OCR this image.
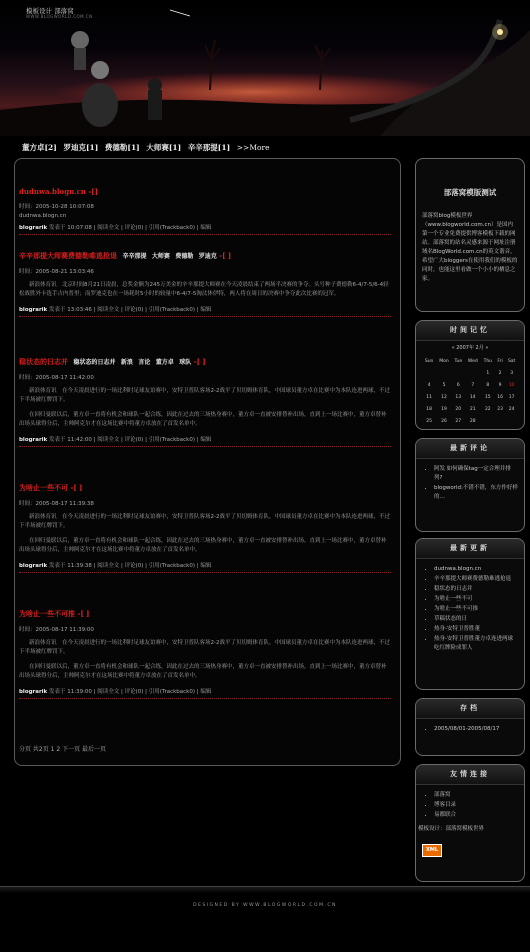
模板设计 部落窝
WWW.BLOGWORLD.COM.CN
董方卓[2] 罗迪克[1] 费德勒[1] 大师赛[1] 辛辛那提[1] >>More
dudnwa.blogn.cn -[]
时间：2005-10-28 10:07:08
dudnwa.blogn.cn
blograrik 发表于 10:07:08 | 阅读全文 | 评论(0) | 引用(Trackback0) | 编辑
辛辛那提大师赛费德勒难逃抢退 辛辛那提 大师赛 费德勒 罗迪克 -[ ]
时间：2005-08-21 13:03:46

新浪体育讯　北京时间8月21日凌晨，总奖金额为245万美金的辛辛那提大师赛在今天凌晨结束了两场半决赛的争夺。头号种子费德勒6-4/7-5/6-4轻松战胜外卡选手吉内普里；而罗迪克也在一场耗时5小时的较量中6-4/7-5淘汰休伊特，两人将在周日的决赛中争夺此次比赛的冠军。

blograrik 发表于 13:03:46 | 阅读全文 | 评论(0) | 引用(Trackback0) | 编辑
稳状态的日志并 稳状态的日志并 新浪 言论 董方卓 球队 -[ ]
时间：2005-08-17 11:42:00

新浪体育讯　在今天凌晨进行的一场比利时足球友谊赛中，安特卫普队客场2-2战平了贝切姆体育队，中国球员董方卓在比赛中为本队连进两球，不过下半场被红牌罚下。

在回归曼联以后，董方卓一直将有机会和球队一起合练，因此在过去的三场热身赛中，董方卓一直被安排替补出场，直到上一场比赛中，董方卓替补出场头球得分后，主帅阿克尔才在这场比赛中将董方卓放在了首发名单中。

blograrik 发表于 11:42:00 | 阅读全文 | 评论(0) | 引用(Trackback0) | 编辑
为啥止一些不可 -[ ]
时间：2005-08-17 11:39:38

新浪体育讯　在今天凌晨进行的一场比利时足球友谊赛中，安特卫普队客场2-2战平了贝切姆体育队，中国球员董方卓在比赛中为本队连进两球，不过下半场被红牌罚下。

在回归曼联以后，董方卓一直将有机会和球队一起合练，因此在过去的三场热身赛中，董方卓一直被安排替补出场，直到上一场比赛中，董方卓替补出场头球得分后，主帅阿克尔才在这场比赛中将董方卓放在了首发名单中。

blograrik 发表于 11:39:38 | 阅读全文 | 评论(0) | 引用(Trackback0) | 编辑
为啥止一些不可推 -[ ]
时间：2005-08-17 11:39:00

新浪体育讯　在今天凌晨进行的一场比利时足球友谊赛中，安特卫普队客场2-2战平了贝切姆体育队，中国球员董方卓在比赛中为本队连进两球，不过下半场被红牌罚下。

在回归曼联以后，董方卓一直将有机会和球队一起合练，因此在过去的三场热身赛中，董方卓一直被安排替补出场，直到上一场比赛中，董方卓替补出场头球得分后，主帅阿克尔才在这场比赛中将董方卓放在了首发名单中。

blograrik 发表于 11:39:00 | 阅读全文 | 评论(0) | 引用(Trackback0) | 编辑
分页 共2页 1 2 下一页 最后一页
部落窝模版测试
部落窝blog模板世界（www.blogworld.com.cn）是国内第一个专业免费提供博客模板下载的网站。部落窝的站名灵感来源于网址注册域名BlogWorld.com.cn的英文谐音，希望广大bloggers在使用我们的模板的同时，也能这里看做一个小小的栖息之家。
时间记忆
« 2007年 2月 »
Sun	Mon	Tue	Wed	Thu	Fri	Sat
				1	2	3
4	5	6	7	8	9	10
11	12	13	14	15	16	17
18	19	20	21	22	23	24
25	26	27	28			
最新评论
• 阿发 如何确保tag一定合理并排列?
• blogworld:不错不错，东方作好样的…
最新更新
• dudnwa.blogn.cn
• 辛辛那提大师赛费德勒难逃抢退
• 稳状态的日志并
• 为啥止一些不可
• 为啥止一些不可推
• 草稿状态的日
• 热身-安特卫普胜董
• 热身-安特卫普胜董方卓连进两球 吃红牌险成罪人
存档
• 2005/08/01-2005/08/17
友情连接
• 部落窝
• 博客目录
• 易都联合
模板设计：部落窝模板世界
XML
DESIGNED BY WWW.BLOGWORLD.COM.CN
